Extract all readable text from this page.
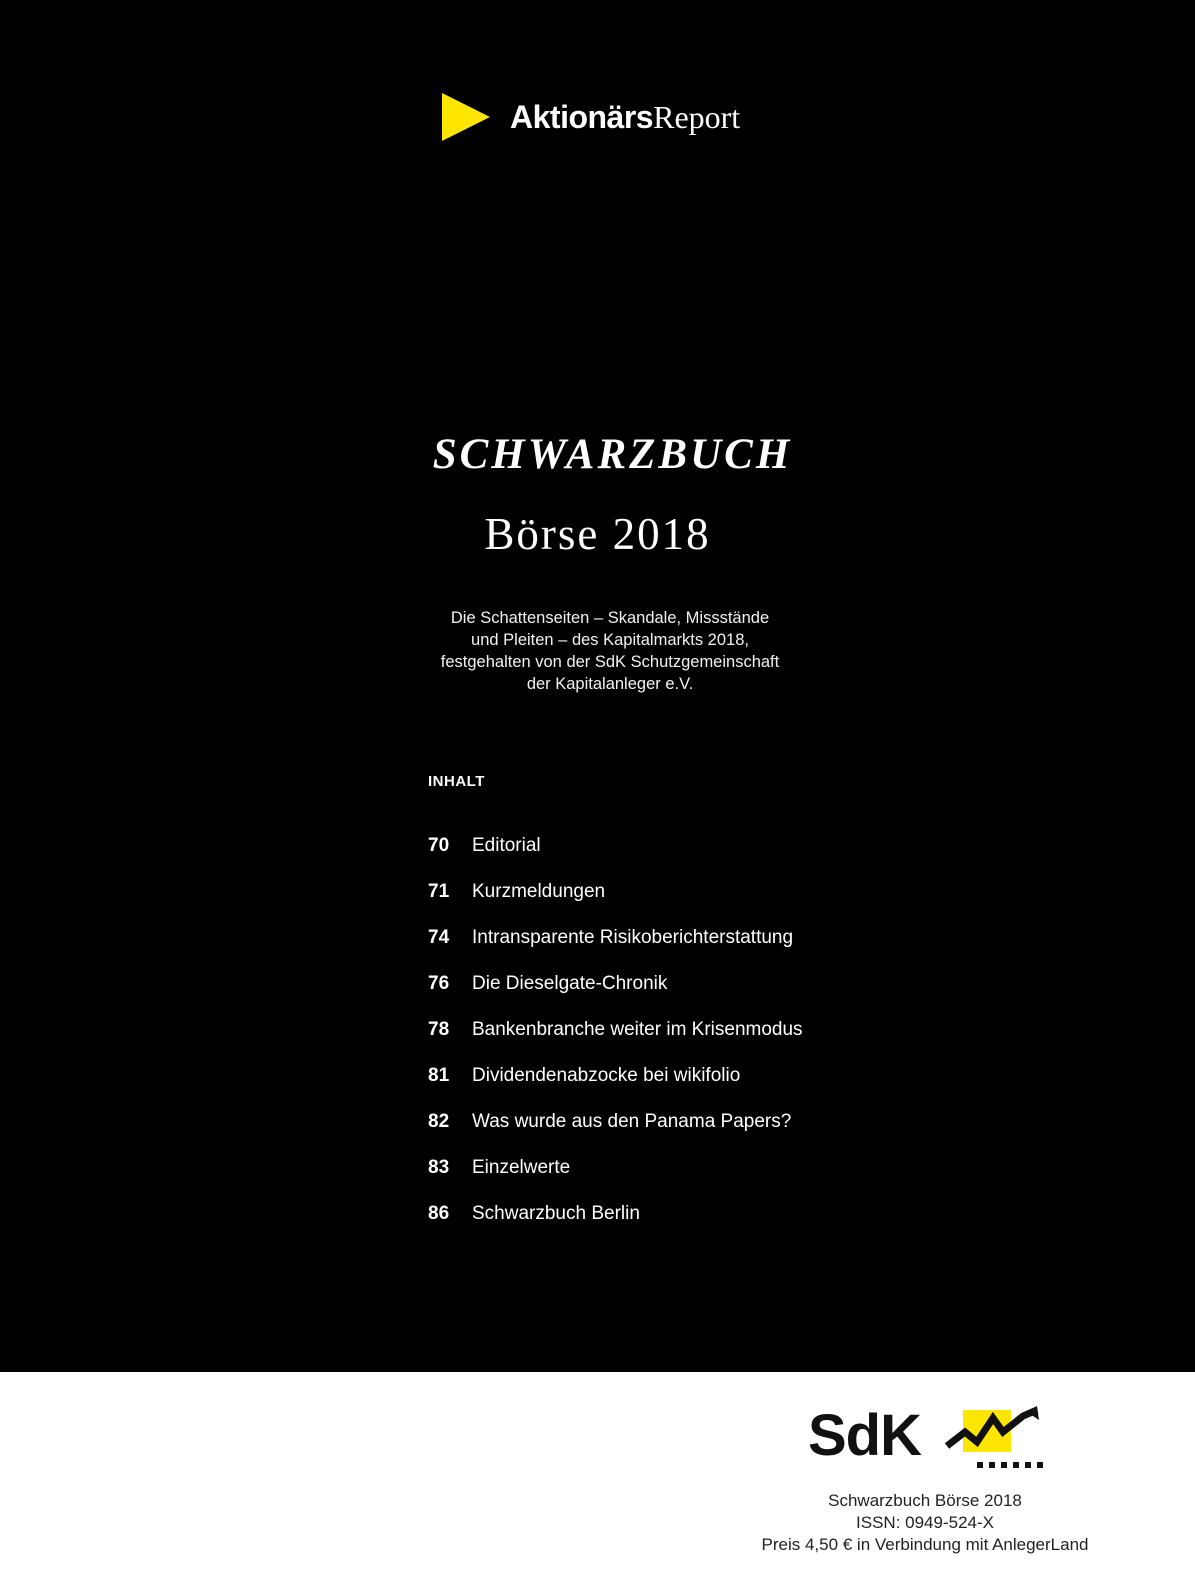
AktionärsReport
SCHWARZBUCH
Börse 2018
Die Schattenseiten – Skandale, Missstände
und Pleiten – des Kapitalmarkts 2018,
festgehalten von der SdK Schutzgemeinschaft
der Kapitalanleger e.V.
INHALT
70	Editorial
71	Kurzmeldungen
74	Intransparente Risikoberichterstattung
76	Die Dieselgate-Chronik
78	Bankenbranche weiter im Krisenmodus
81	Dividendenabzocke bei wikifolio
82	Was wurde aus den Panama Papers?
83	Einzelwerte
86	Schwarzbuch Berlin
SdK
Schwarzbuch Börse 2018
ISSN: 0949-524-X
Preis 4,50 € in Verbindung mit AnlegerLand
